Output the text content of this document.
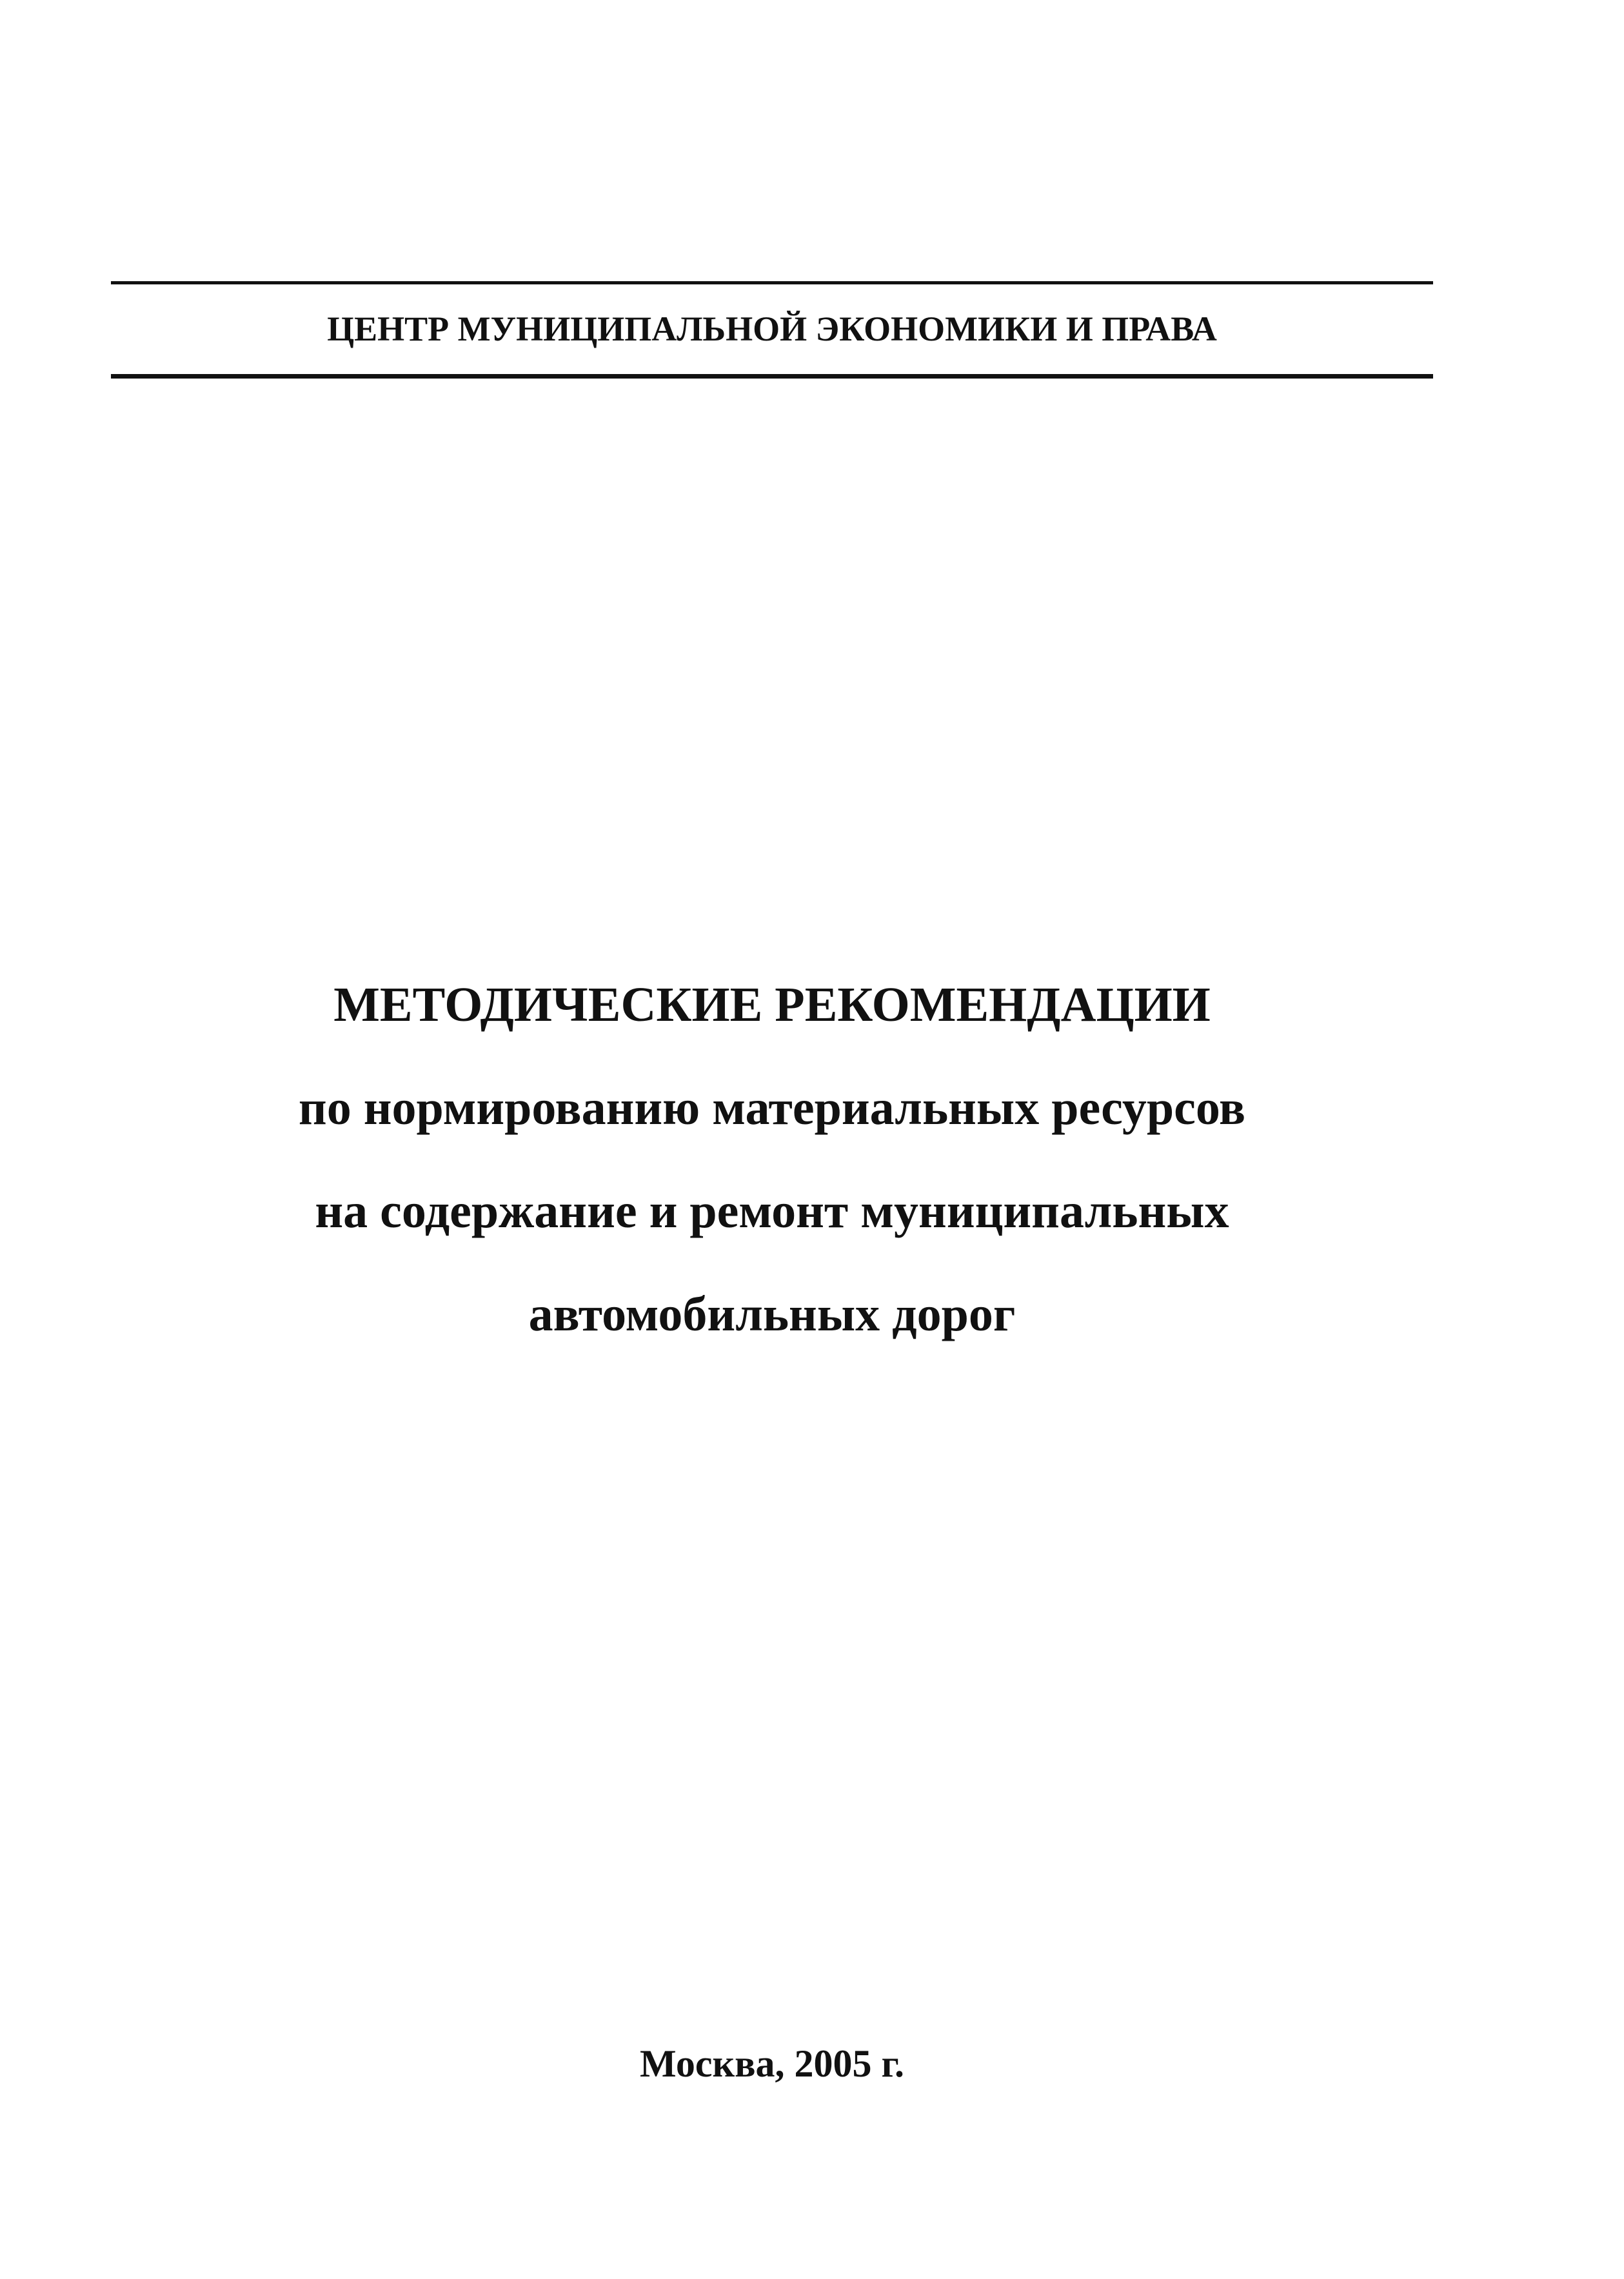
ЦЕНТР МУНИЦИПАЛЬНОЙ ЭКОНОМИКИ И ПРАВА
МЕТОДИЧЕСКИЕ РЕКОМЕНДАЦИИ
по нормированию материальных ресурсов
на содержание и ремонт муниципальных
автомобильных дорог
Москва, 2005 г.
